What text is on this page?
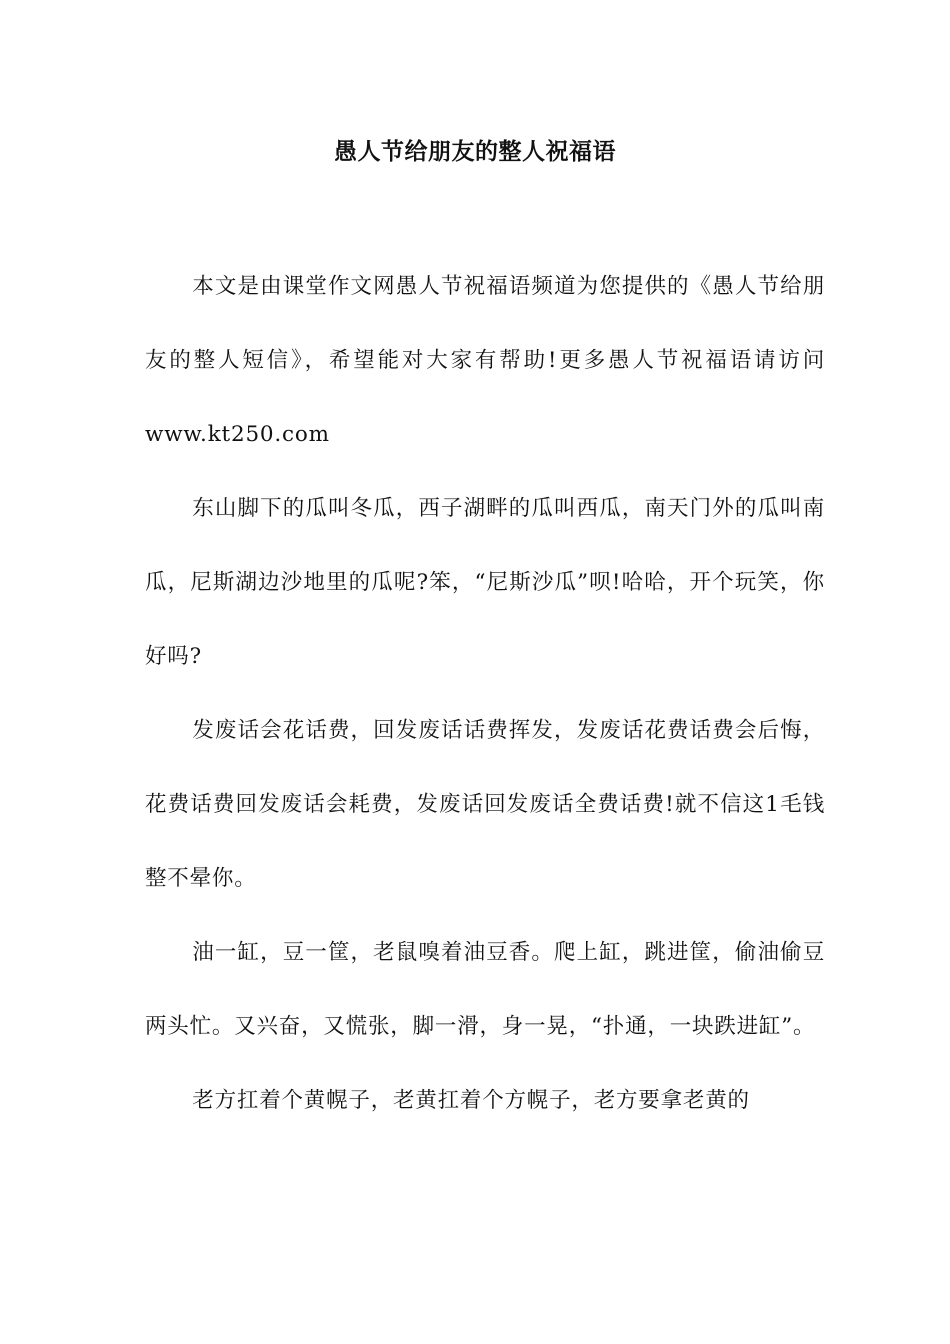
愚人节给朋友的整人祝福语

本文是由课堂作文网愚人节祝福语频道为您提供的《愚人节给朋友的整人短信》，希望能对大家有帮助!更多愚人节祝福语请访问www.kt250.com

东山脚下的瓜叫冬瓜，西子湖畔的瓜叫西瓜，南天门外的瓜叫南瓜，尼斯湖边沙地里的瓜呢?笨，“尼斯沙瓜”呗!哈哈，开个玩笑，你好吗?

发废话会花话费，回发废话话费挥发，发废话花费话费会后悔，花费话费回发废话会耗费，发废话回发废话全费话费!就不信这1毛钱整不晕你。

油一缸，豆一筐，老鼠嗅着油豆香。爬上缸，跳进筐，偷油偷豆两头忙。又兴奋，又慌张，脚一滑，身一晃，“扑通，一块跌进缸”。

老方扛着个黄幌子，老黄扛着个方幌子，老方要拿老黄的
